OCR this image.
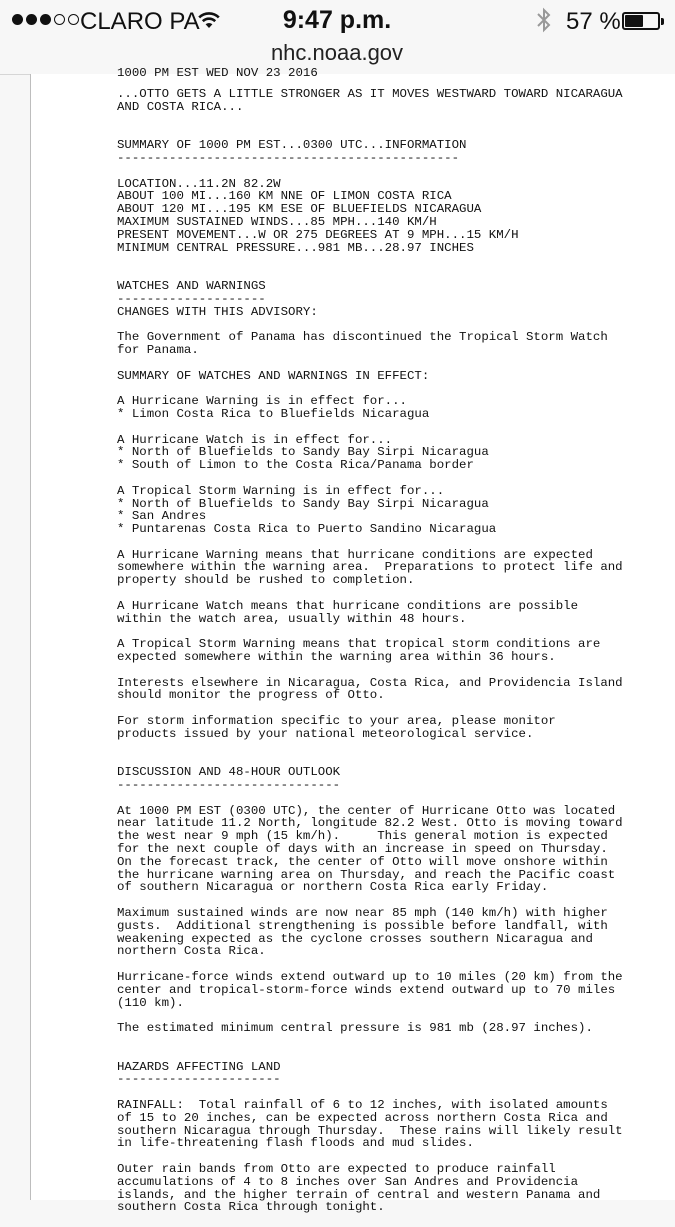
CLARO PA	9:47 p.m.	57 %
nhc.noaa.gov
1000 PM EST WED NOV 23 2016

...OTTO GETS A LITTLE STRONGER AS IT MOVES WESTWARD TOWARD NICARAGUA
AND COSTA RICA...

SUMMARY OF 1000 PM EST...0300 UTC...INFORMATION
----------------------------------------------

LOCATION...11.2N 82.2W
ABOUT 100 MI...160 KM NNE OF LIMON COSTA RICA
ABOUT 120 MI...195 KM ESE OF BLUEFIELDS NICARAGUA
MAXIMUM SUSTAINED WINDS...85 MPH...140 KM/H
PRESENT MOVEMENT...W OR 275 DEGREES AT 9 MPH...15 KM/H
MINIMUM CENTRAL PRESSURE...981 MB...28.97 INCHES

WATCHES AND WARNINGS
--------------------
CHANGES WITH THIS ADVISORY:

The Government of Panama has discontinued the Tropical Storm Watch
for Panama.

SUMMARY OF WATCHES AND WARNINGS IN EFFECT:

A Hurricane Warning is in effect for...
* Limon Costa Rica to Bluefields Nicaragua

A Hurricane Watch is in effect for...
* North of Bluefields to Sandy Bay Sirpi Nicaragua
* South of Limon to the Costa Rica/Panama border

A Tropical Storm Warning is in effect for...
* North of Bluefields to Sandy Bay Sirpi Nicaragua
* San Andres
* Puntarenas Costa Rica to Puerto Sandino Nicaragua

A Hurricane Warning means that hurricane conditions are expected
somewhere within the warning area.  Preparations to protect life and
property should be rushed to completion.

A Hurricane Watch means that hurricane conditions are possible
within the watch area, usually within 48 hours.

A Tropical Storm Warning means that tropical storm conditions are
expected somewhere within the warning area within 36 hours.

Interests elsewhere in Nicaragua, Costa Rica, and Providencia Island
should monitor the progress of Otto.

For storm information specific to your area, please monitor
products issued by your national meteorological service.

DISCUSSION AND 48-HOUR OUTLOOK
------------------------------

At 1000 PM EST (0300 UTC), the center of Hurricane Otto was located
near latitude 11.2 North, longitude 82.2 West. Otto is moving toward
the west near 9 mph (15 km/h).     This general motion is expected
for the next couple of days with an increase in speed on Thursday.
On the forecast track, the center of Otto will move onshore within
the hurricane warning area on Thursday, and reach the Pacific coast
of southern Nicaragua or northern Costa Rica early Friday.

Maximum sustained winds are now near 85 mph (140 km/h) with higher
gusts.  Additional strengthening is possible before landfall, with
weakening expected as the cyclone crosses southern Nicaragua and
northern Costa Rica.

Hurricane-force winds extend outward up to 10 miles (20 km) from the
center and tropical-storm-force winds extend outward up to 70 miles
(110 km).

The estimated minimum central pressure is 981 mb (28.97 inches).

HAZARDS AFFECTING LAND
----------------------

RAINFALL:  Total rainfall of 6 to 12 inches, with isolated amounts
of 15 to 20 inches, can be expected across northern Costa Rica and
southern Nicaragua through Thursday.  These rains will likely result
in life-threatening flash floods and mud slides.

Outer rain bands from Otto are expected to produce rainfall
accumulations of 4 to 8 inches over San Andres and Providencia
islands, and the higher terrain of central and western Panama and
southern Costa Rica through tonight.
